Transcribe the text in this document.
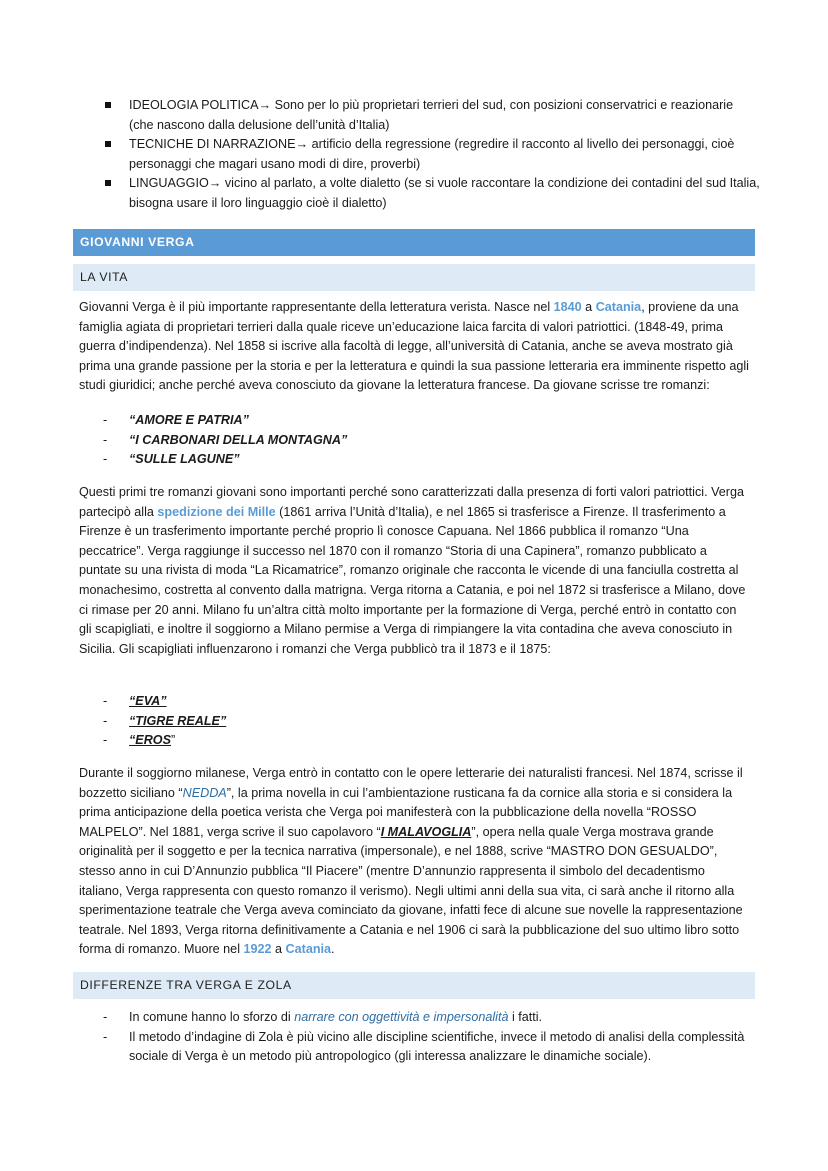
IDEOLOGIA POLITICA→ Sono per lo più proprietari terrieri del sud, con posizioni conservatrici e reazionarie (che nascono dalla delusione dell’unità d’Italia)
TECNICHE DI NARRAZIONE→ artificio della regressione (regredire il racconto al livello dei personaggi, cioè personaggi che magari usano modi di dire, proverbi)
LINGUAGGIO→ vicino al parlato, a volte dialetto (se si vuole raccontare la condizione dei contadini del sud Italia, bisogna usare il loro linguaggio cioè il dialetto)
GIOVANNI VERGA
LA VITA

Giovanni Verga è il più importante rappresentante della letteratura verista. Nasce nel 1840 a Catania, proviene da una famiglia agiata di proprietari terrieri dalla quale riceve un’educazione laica farcita di valori patriottici. (1848-49, prima guerra d’indipendenza). Nel 1858 si iscrive alla facoltà di legge, all’università di Catania, anche se aveva mostrato già prima una grande passione per la storia e per la letteratura e quindi la sua passione letteraria era imminente rispetto agli studi giuridici; anche perché aveva conosciuto da giovane la letteratura francese. Da giovane scrisse tre romanzi:

- “AMORE E PATRIA”
- “I CARBONARI DELLA MONTAGNA”
- “SULLE LAGUNE”

Questi primi tre romanzi giovani sono importanti perché sono caratterizzati dalla presenza di forti valori patriottici. Verga partecipò alla spedizione dei Mille (1861 arriva l’Unità d’Italia), e nel 1865 si trasferisce a Firenze. Il trasferimento a Firenze è un trasferimento importante perché proprio lì conosce Capuana. Nel 1866 pubblica il romanzo “Una peccatrice”. Verga raggiunge il successo nel 1870 con il romanzo “Storia di una Capinera”, romanzo pubblicato a puntate su una rivista di moda “La Ricamatrice”, romanzo originale che racconta le vicende di una fanciulla costretta al monachesimo, costretta al convento dalla matrigna. Verga ritorna a Catania, e poi nel 1872 si trasferisce a Milano, dove ci rimase per 20 anni. Milano fu un’altra città molto importante per la formazione di Verga, perché entrò in contatto con gli scapigliati, e inoltre il soggiorno a Milano permise a Verga di rimpiangere la vita contadina che aveva conosciuto in Sicilia. Gli scapigliati influenzarono i romanzi che Verga pubblicò tra il 1873 e il 1875:

- “EVA”
- “TIGRE REALE”
- “EROS”

Durante il soggiorno milanese, Verga entrò in contatto con le opere letterarie dei naturalisti francesi. Nel 1874, scrisse il bozzetto siciliano “NEDDA”, la prima novella in cui l’ambientazione rusticana fa da cornice alla storia e si considera la prima anticipazione della poetica verista che Verga poi manifesterà con la pubblicazione della novella “ROSSO MALPELO”. Nel 1881, verga scrive il suo capolavoro “I MALAVOGLIA”, opera nella quale Verga mostrava grande originalità per il soggetto e per la tecnica narrativa (impersonale), e nel 1888, scrive “MASTRO DON GESUALDO”, stesso anno in cui D’Annunzio pubblica “Il Piacere” (mentre D’annunzio rappresenta il simbolo del decadentismo italiano, Verga rappresenta con questo romanzo il verismo). Negli ultimi anni della sua vita, ci sarà anche il ritorno alla sperimentazione teatrale che Verga aveva cominciato da giovane, infatti fece di alcune sue novelle la rappresentazione teatrale. Nel 1893, Verga ritorna definitivamente a Catania e nel 1906 ci sarà la pubblicazione del suo ultimo libro sotto forma di romanzo. Muore nel 1922 a Catania.

DIFFERENZE TRA VERGA E ZOLA
- In comune hanno lo sforzo di narrare con oggettività e impersonalità i fatti.
- Il metodo d’indagine di Zola è più vicino alle discipline scientifiche, invece il metodo di analisi della complessità sociale di Verga è un metodo più antropologico (gli interessa analizzare le dinamiche sociale).
